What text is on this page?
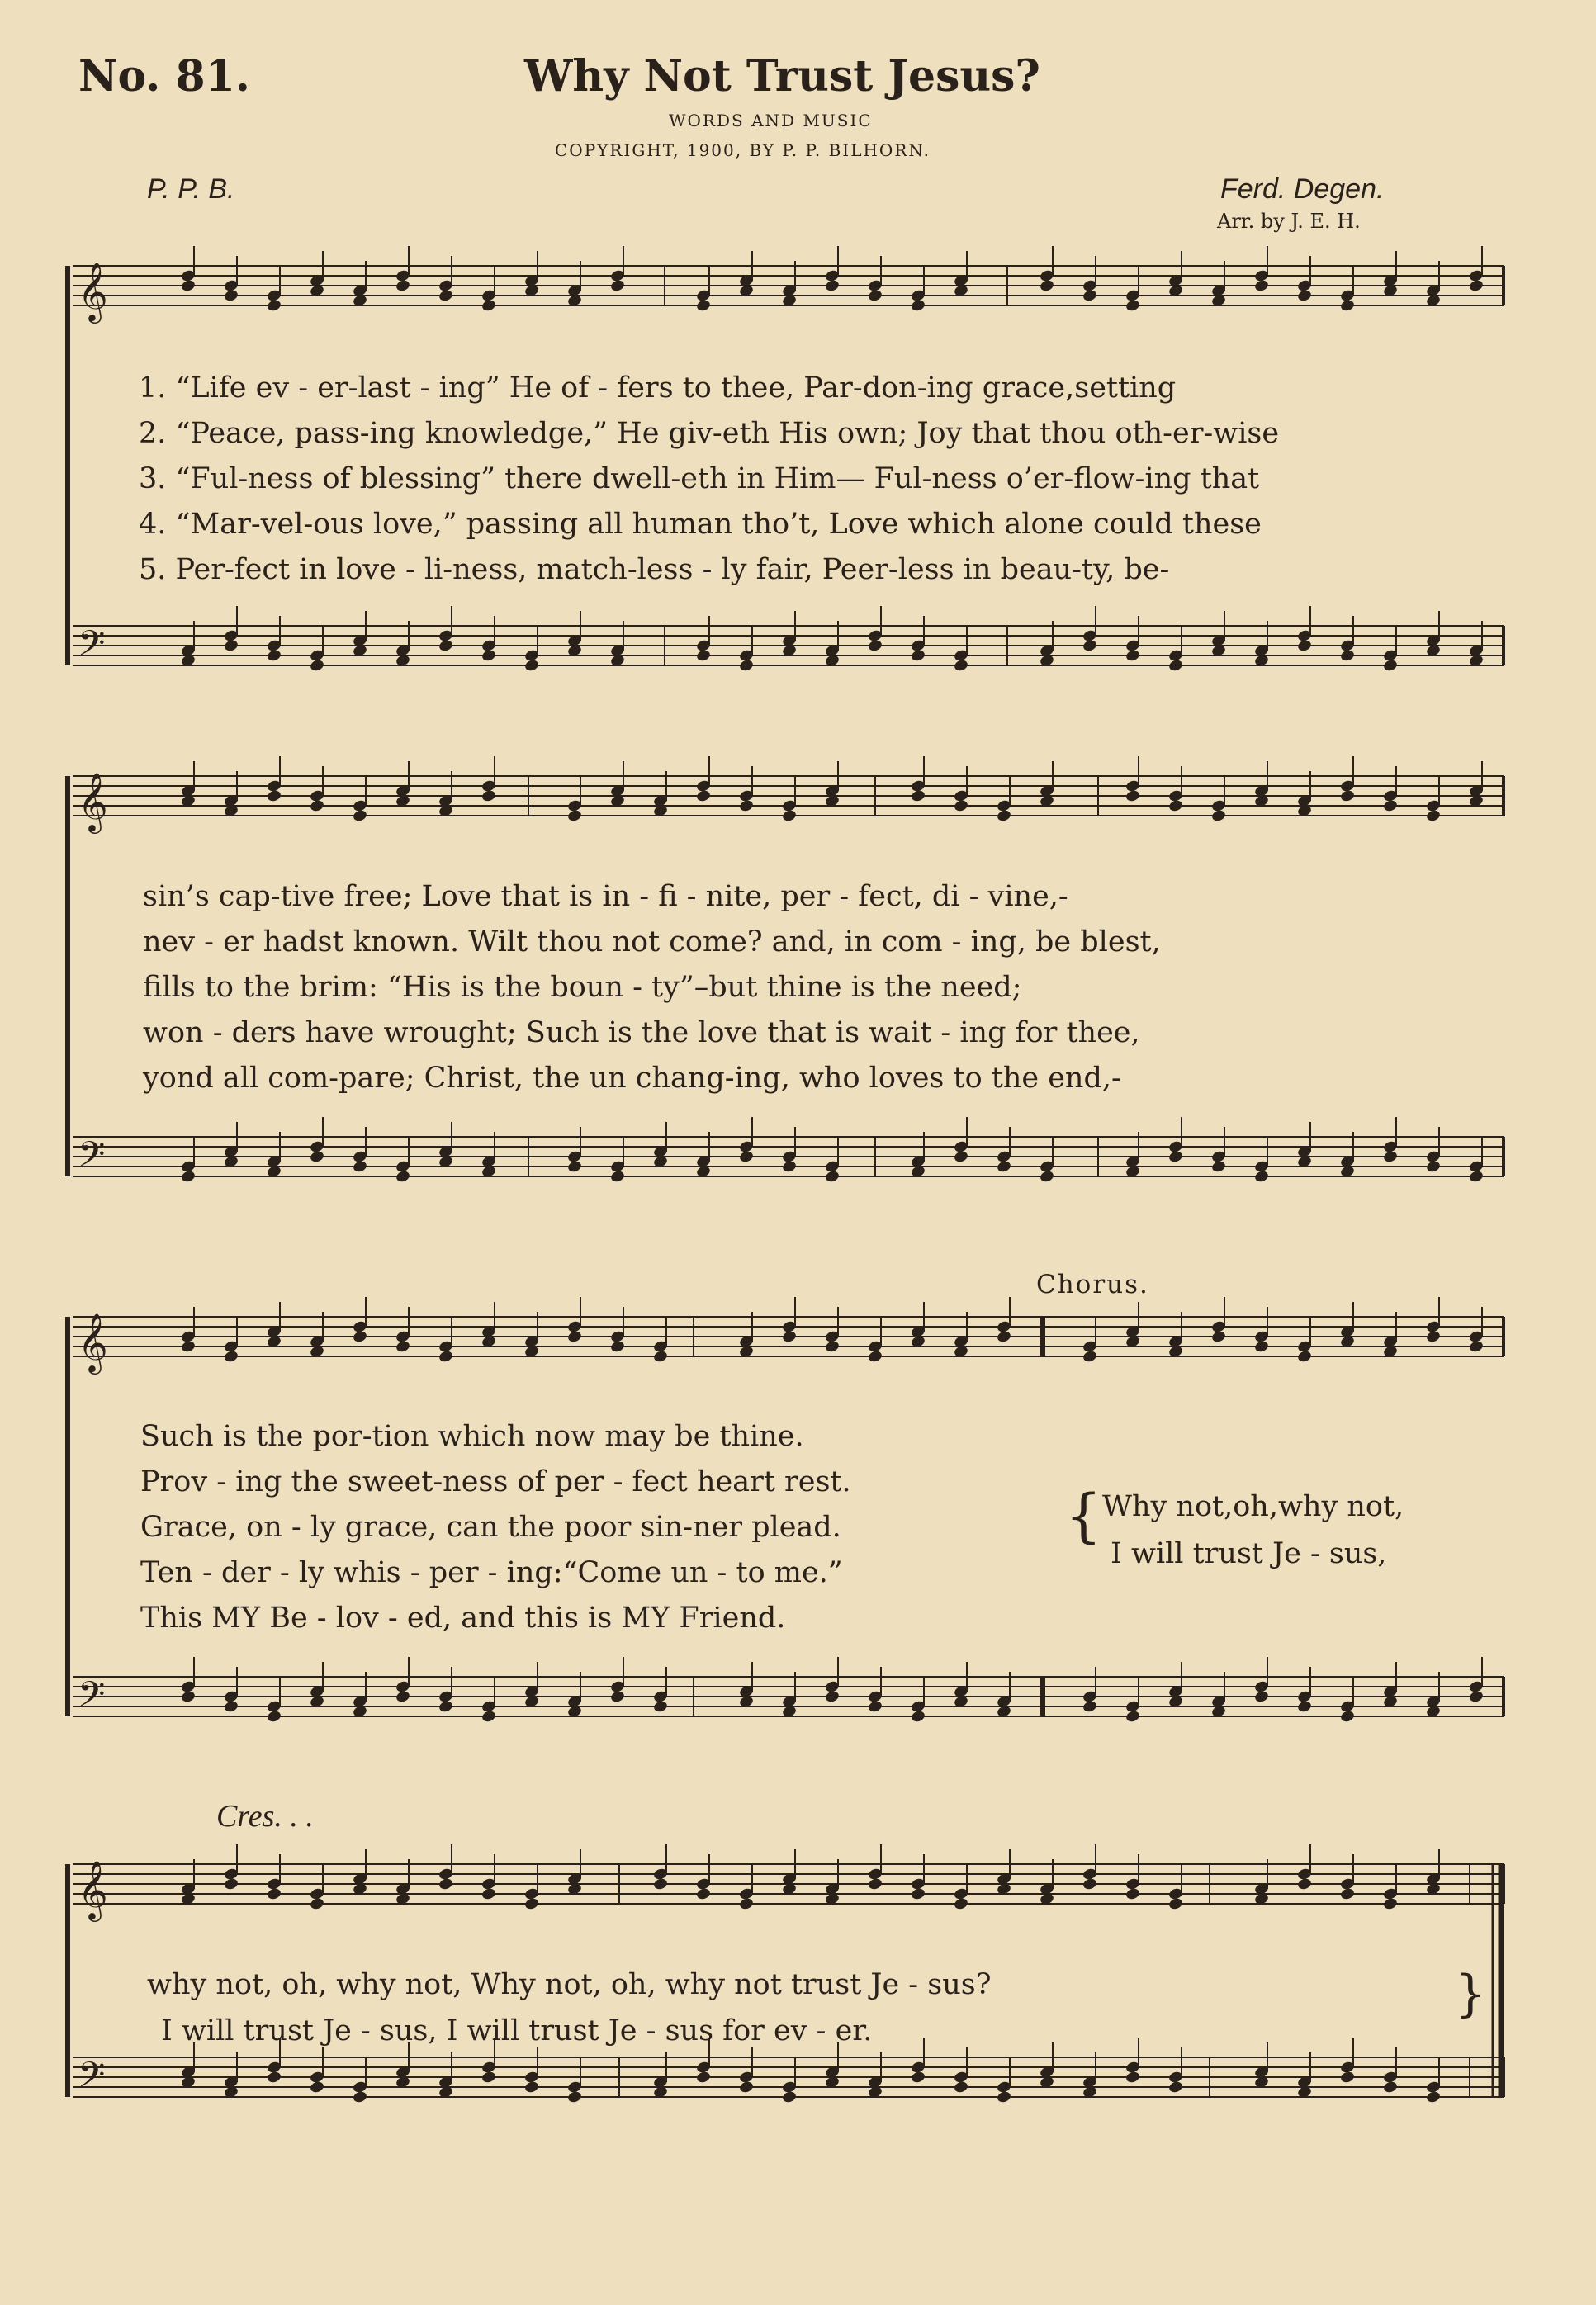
𝄞
𝄢
𝄞
𝄢
𝄞
𝄢
𝄞
𝄢
No. 81.	Why Not Trust Jesus?
WORDS AND MUSIC
COPYRIGHT, 1900, BY P. P. BILHORN.
P. P. B.	Ferd. Degen.
Arr. by J. E. H.
1. “Life ev - er-last - ing” He of - fers to thee, Par-don-ing grace,setting
2. “Peace, pass-ing knowledge,” He giv-eth His own; Joy that thou oth-er-wise
3. “Ful-ness of blessing” there dwell-eth in Him— Ful-ness o’er-flow-ing that
4. “Mar-vel-ous love,” passing all human tho’t, Love which alone could these
5. Per-fect in love - li-ness, match-less - ly fair, Peer-less in beau-ty, be-
sin’s cap-tive free; Love that is in - fi - nite, per - fect, di - vine,-
nev - er hadst known. Wilt thou not come? and, in com - ing, be blest,
fills to the brim: “His is the boun - ty”–but thine is the need;
won - ders have wrought; Such is the love that is wait - ing for thee,
yond all com-pare; Christ, the un chang-ing, who loves to the end,-
Chorus.
Such is the por-tion which now may be thine.
Prov - ing the sweet-ness of per - fect heart rest.
Grace, on - ly grace, can the poor sin-ner plead.
Ten - der - ly whis - per - ing:“Come un - to me.”
This MY Be - lov - ed, and this is MY Friend.
{ Why not,oh,why not,
I will trust Je - sus,
Cres. . .
why not, oh, why not, Why not, oh, why not trust Je - sus?
I will trust Je - sus, I will trust Je - sus for ev - er.
}
